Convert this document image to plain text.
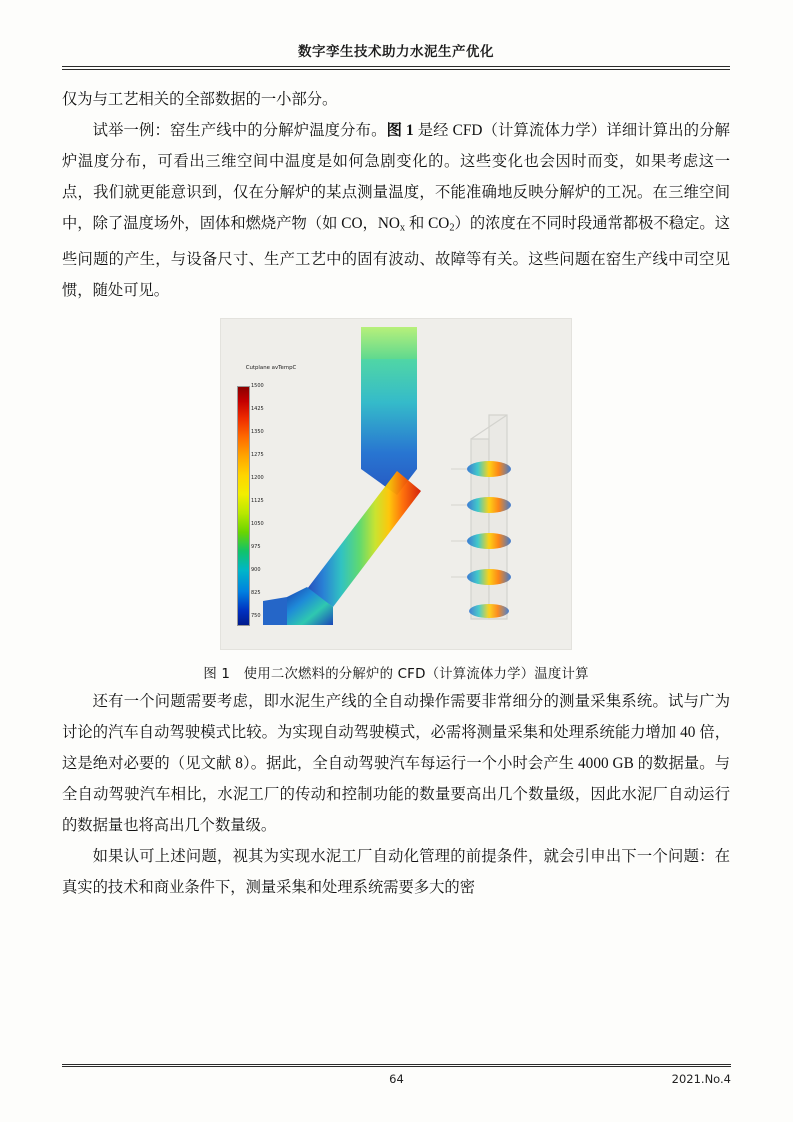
数字孪生技术助力水泥生产优化

仅为与工艺相关的全部数据的一小部分。

试举一例：窑生产线中的分解炉温度分布。图 1 是经 CFD（计算流体力学）详细计算出的分解炉温度分布，可看出三维空间中温度是如何急剧变化的。这些变化也会因时而变，如果考虑这一点，我们就更能意识到，仅在分解炉的某点测量温度，不能准确地反映分解炉的工况。在三维空间中，除了温度场外，固体和燃烧产物（如 CO，$NO_x$ 和 $CO_2$）的浓度在不同时段通常都极不稳定。这些问题的产生，与设备尺寸、生产工艺中的固有波动、故障等有关。这些问题在窑生产线中司空见惯，随处可见。

Cutplane avTempC
1500
1425
1350
1275
1200
1125
1050
975
900
825
750
图 1　使用二次燃料的分解炉的 CFD（计算流体力学）温度计算

还有一个问题需要考虑，即水泥生产线的全自动操作需要非常细分的测量采集系统。试与广为讨论的汽车自动驾驶模式比较。为实现自动驾驶模式，必需将测量采集和处理系统能力增加 40 倍，这是绝对必要的（见文献 8）。据此，全自动驾驶汽车每运行一个小时会产生 4000 GB 的数据量。与全自动驾驶汽车相比，水泥工厂的传动和控制功能的数量要高出几个数量级，因此水泥厂自动运行的数据量也将高出几个数量级。

如果认可上述问题，视其为实现水泥工厂自动化管理的前提条件，就会引申出下一个问题：在真实的技术和商业条件下，测量采集和处理系统需要多大的密

64	2021.No.4
